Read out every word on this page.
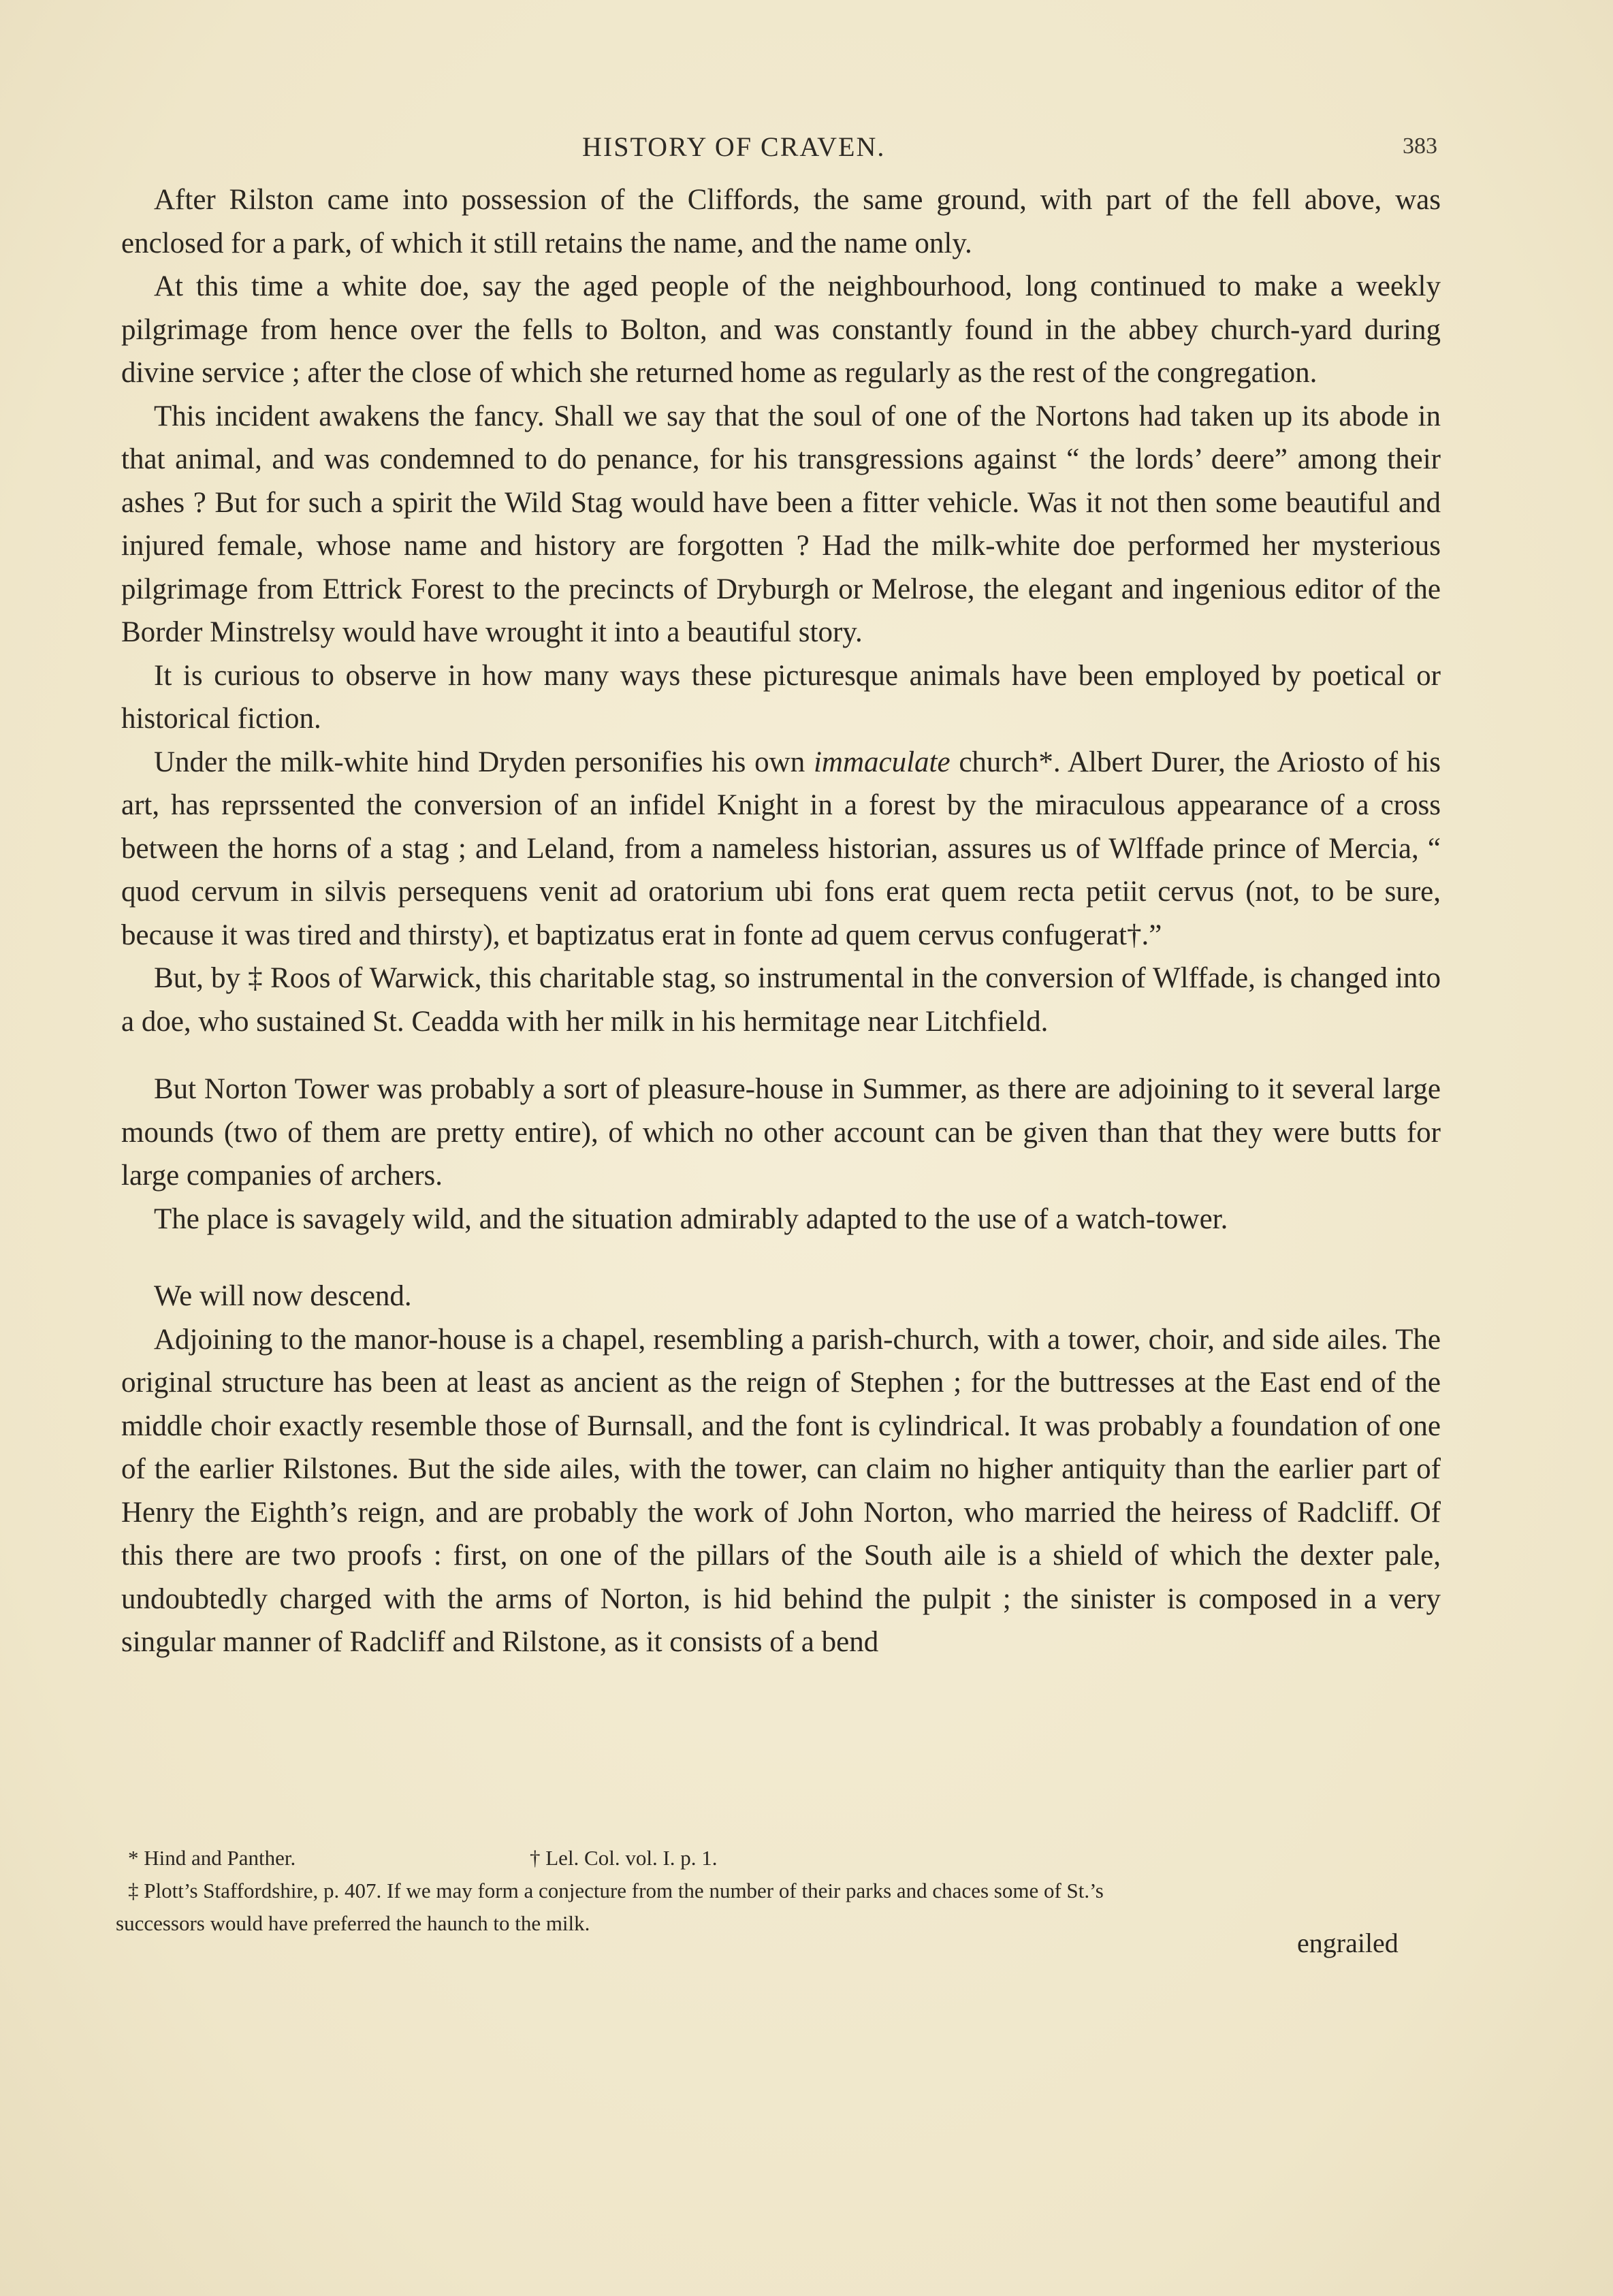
HISTORY OF CRAVEN.	383

After Rilston came into possession of the Cliffords, the same ground, with part of the fell above, was enclosed for a park, of which it still retains the name, and the name only.

At this time a white doe, say the aged people of the neighbourhood, long continued to make a weekly pilgrimage from hence over the fells to Bolton, and was constantly found in the abbey church-yard during divine service ; after the close of which she returned home as regularly as the rest of the congregation.

This incident awakens the fancy. Shall we say that the soul of one of the Nortons had taken up its abode in that animal, and was condemned to do penance, for his transgressions against “ the lords’ deere” among their ashes ? But for such a spirit the Wild Stag would have been a fitter vehicle. Was it not then some beautiful and injured female, whose name and history are forgotten ? Had the milk-white doe performed her mysterious pilgrimage from Ettrick Forest to the precincts of Dryburgh or Melrose, the elegant and ingenious editor of the Border Minstrelsy would have wrought it into a beautiful story.

It is curious to observe in how many ways these picturesque animals have been employed by poetical or historical fiction.

Under the milk-white hind Dryden personifies his own immaculate church*. Albert Durer, the Ariosto of his art, has reprssented the conversion of an infidel Knight in a forest by the miraculous appearance of a cross between the horns of a stag ; and Leland, from a nameless historian, assures us of Wlffade prince of Mercia, “ quod cervum in silvis persequens venit ad oratorium ubi fons erat quem recta petiit cervus (not, to be sure, because it was tired and thirsty), et baptizatus erat in fonte ad quem cervus confugerat†.”

But, by ‡ Roos of Warwick, this charitable stag, so instrumental in the conversion of Wlffade, is changed into a doe, who sustained St. Ceadda with her milk in his hermitage near Litchfield.

But Norton Tower was probably a sort of pleasure-house in Summer, as there are adjoining to it several large mounds (two of them are pretty entire), of which no other account can be given than that they were butts for large companies of archers.

The place is savagely wild, and the situation admirably adapted to the use of a watch-tower.

We will now descend.

Adjoining to the manor-house is a chapel, resembling a parish-church, with a tower, choir, and side ailes. The original structure has been at least as ancient as the reign of Stephen ; for the buttresses at the East end of the middle choir exactly resemble those of Burnsall, and the font is cylindrical. It was probably a foundation of one of the earlier Rilstones. But the side ailes, with the tower, can claim no higher antiquity than the earlier part of Henry the Eighth’s reign, and are probably the work of John Norton, who married the heiress of Radcliff. Of this there are two proofs : first, on one of the pillars of the South aile is a shield of which the dexter pale, undoubtedly charged with the arms of Norton, is hid behind the pulpit ; the sinister is composed in a very singular manner of Radcliff and Rilstone, as it consists of a bend

* Hind and Panther.	† Lel. Col. vol. I. p. 1.
‡ Plott’s Staffordshire, p. 407. If we may form a conjecture from the number of their parks and chaces some of St.’s
successors would have preferred the haunch to the milk.
engrailed
